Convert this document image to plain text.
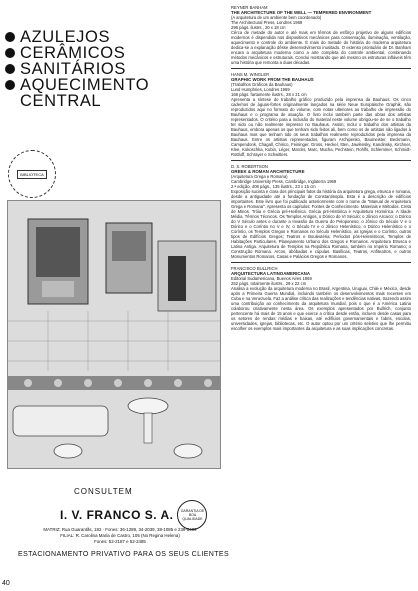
AZULEJOS
CERÂMICOS
SANITÁRIOS
AQUECIMENTO
CENTRAL
BIBLIOTECA
CONSULTEM
I. V. FRANCO S. A.	GARANTIA DE BOA QUALIDADE
MATRIZ: Rua Guarantãs, 182 · Fones: 36-1289, 34-2039, 38-1085 e 239-5409
FILIAL: R. Carolina Maria de Castro, 105 (No Regina Helena)
Fones: 52-2187 e 52-2485
ESTACIONAMENTO PRIVATIVO PARA OS SEUS CLIENTES
40
REYNER BANHAM
THE ARCHITECTURE OF THE WELL — TEMPERED ENVIRONMENT
(A arquitetura de um ambiente bem coordenado)
The Architectural Press, Londres 1969
296 págs. ilustrs., 20 x 18 cm

Cêrca de metade do autor e até mais em têrmos de esfôrço projetivo de alguns edifícios modernos é dispendida nos dispositivos mecânicos para conservação, iluminação, ventilação, aquecimento e controle do ambiente. É mais do metade do história do moderna arquitetura dedica-se a explanação dêsse desenvolvimento inusitado. O extenso prontuário de Dr. Banham encara a arquitetura moderna como a arte completa do controle ambiental, combinando métodos mecânicos e estruturais. Conclui mostrando que até mesmo os estruturas infláveis têm uma história que remonta a duas décadas.

HANS M. WINGLER
GRAPHIC WORK FROM THE BAUHAUS
(Trabalhos Gráficos da Bauhaus)
Lund Humphries, Londres 1969
168 págs. fartamente ilustrs., 28 x 21 cm

Apresenta a síntese do trabalho gráfico produzido pela imprensa da Bauhaus. Os cinco cadernos de águas-fortes originalmente lançados na série Neue Europäische Graphik, são reproduzidos aqui no formato do volume, com notas ulteriores ao trabalho de impressão do Bauhaus e o programa de atuação. O livro inclui também parte das obras dos artistas representados. O critério para a inclusão do material neste volume obrigou-se de se o trabalho ter sido ou não realmente impresso no Bauhaus. Assim, inclui o trabalho dos artistas da Bauhaus, embora apenas os que tenham sido feitos ali, bem como os de artistas não ligados à Bauhaus mas que tenham tido os seus trabalhos realmente reproduzidos pela imprensa da Bauhaus. Entre os artistas representados, figuram Archipenko, Baumeister, Beckmann, Campendonk, Chagall, Chirico, Feininger, Gross, Heckel, Itten, Jawlensky, Kandinsky, Kirchner, Klee, Kokoschka, Kubin, Léger, Marcks, Marc, Mucha, Pechstein, Rohlfs, Schlemmer, Schmidt-Rottluff, Schrayer e Schwitters.

D. S. ROBERTSON
GREEK & ROMAN ARCHITECTURE
(Arquitetura Grega e Romana)
Cambridge University Press, Cambridge, Inglaterra 1969
2.ª edição, 408 págs., 135 ilustrs., 23 x 15 cm

Exposição sucinta e clara dos principais fatos da história da arquitetura grega, etrusca e romana, desde a antiguidade até a fundação de Constantinopla. Esta é a descrição de edifícios importantes. Este livro que foi publicado anteriormente com o nome de "Manual de Arquitetura Grega e Romana". Apresenta os capítulos: Fontes de Conhecimento. Materiais e Métodos. Creta de Minos. Tróia e Grécia pré-Helênica. Grécia pré-Histórica e Arquitetura Homérica. A Idade Média. Têrmos Técnicos. Os Templos Antigos, o Dórico do VI Século; o Jônico Arcaico; o Dórico do V Século antes e durante a Invasão da Guerra do Peloponeso; o Jônico do Século V e o Dórico e o Coríntio no V e IV, o Século IV e o Jônico Helenístico, o Dórico Helenístico e o Coríntio, os Templos Gregos e Romanos no Século Helenístico, as Igrejas e o Coríntio, outros tipos de Edifícios Gregos; Teatros e Bouleutéria; Períodos pós-Helenísticos, Templos de Habitações Particulares. Planejamento Urbano dos Gregos e Romanos. Arquitetura Etrusca e Latina Antiga. Arquitetura de Templos na República Romana, também no Império Romano; o Construção Romana. Arcos, abóbadas e cúpulas. Basílicas, Teatros, Anfiteatros, e outros Monumentos Romanos, Casas e Palácios Gregos e Romanos.

FRANCISCO BULLRICH
ARQUITECTURA LATINOAMERICANA
Editorial Sudamericana, Buenos Aires 1969
252 págs. totalmente ilustrs., 29 x 22 cm

Analisa a evolução da arquitetura moderna no Brasil, Argentina, Uruguai, Chile e México, desde após a Primeira Guerra Mundial, incluindo também os desenvolvimentos mais recentes em Cuba e na Venezuela. Faz a análise crítica das realizações e tendências nativas, trazendo assim uma contribuição ao conhecimento da arquitetura mundial, pois o que é a América Latina colaborou criativamente nesta área. Os exemplos apresentados por Bullrich, conjunto pertencente há mais de 15 anos e que exerce a crítica desde então, incluem desde casas para os setores de rendas médias e baixas, até edifícios governamentais e fabris, escolas, universidades, igrejas, bibliotecas, etc. O autor optou por um critério seletivo que lhe permitiu escolher os exemplos mais importantes da arquitetura e as suas implicações concretas.
